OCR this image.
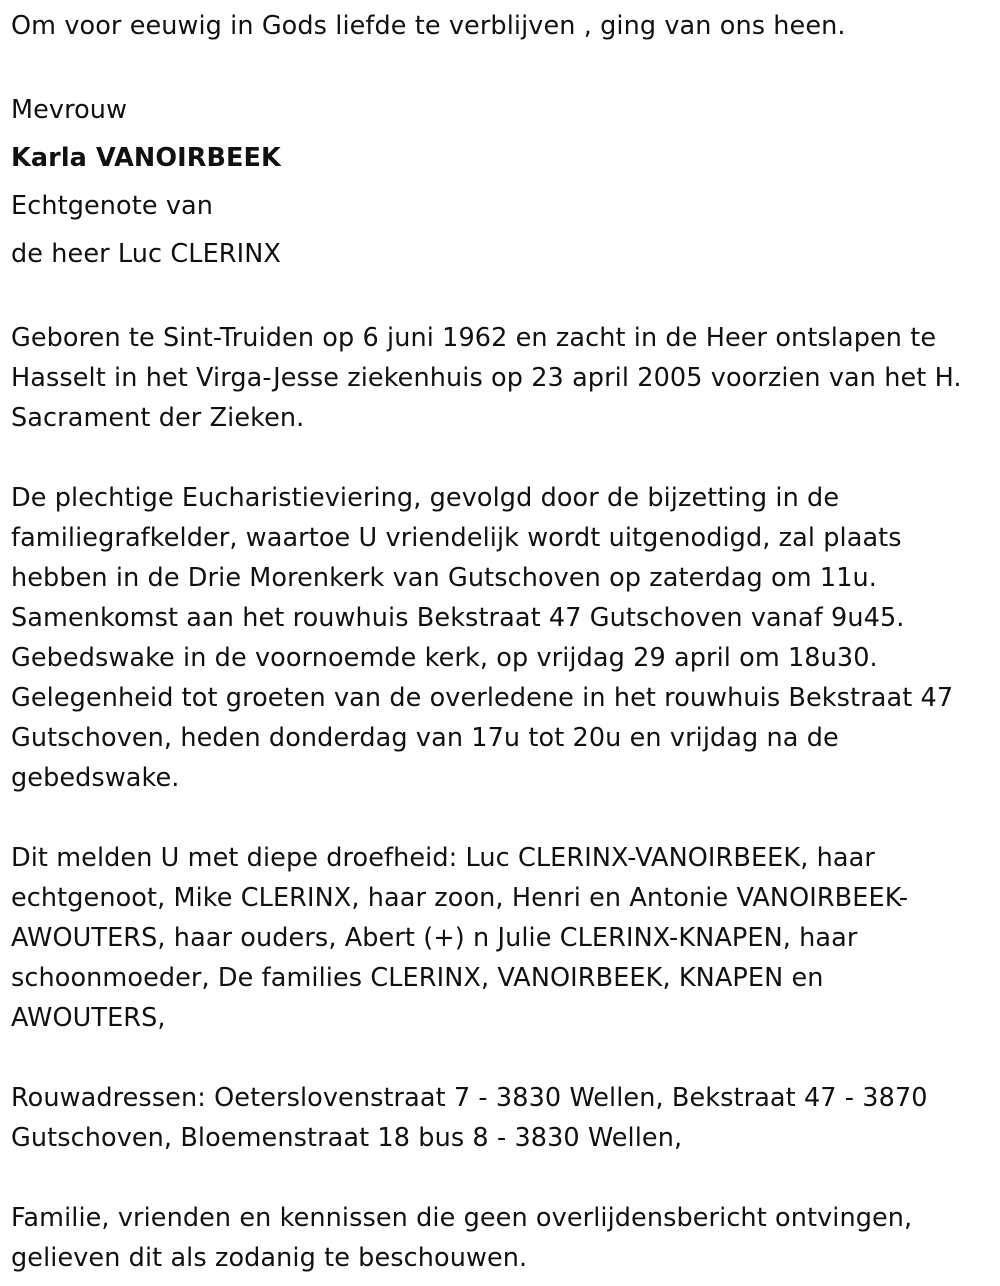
Om voor eeuwig in Gods liefde te verblijven , ging van ons heen.

Mevrouw

Karla VANOIRBEEK

Echtgenote van

de heer Luc CLERINX

Geboren te Sint-Truiden op 6 juni 1962 en zacht in de Heer ontslapen te

Hasselt in het Virga-Jesse ziekenhuis op 23 april 2005 voorzien van het H.

Sacrament der Zieken.

De plechtige Eucharistieviering, gevolgd door de bijzetting in de

familiegrafkelder, waartoe U vriendelijk wordt uitgenodigd, zal plaats

hebben in de Drie Morenkerk van Gutschoven op zaterdag om 11u.

Samenkomst aan het rouwhuis Bekstraat 47 Gutschoven vanaf 9u45.

Gebedswake in de voornoemde kerk, op vrijdag 29 april om 18u30.

Gelegenheid tot groeten van de overledene in het rouwhuis Bekstraat 47

Gutschoven, heden donderdag van 17u tot 20u en vrijdag na de

gebedswake.

Dit melden U met diepe droefheid: Luc CLERINX-VANOIRBEEK, haar

echtgenoot, Mike CLERINX, haar zoon, Henri en Antonie VANOIRBEEK-

AWOUTERS, haar ouders, Abert (+) n Julie CLERINX-KNAPEN, haar

schoonmoeder, De families CLERINX, VANOIRBEEK, KNAPEN en

AWOUTERS,

Rouwadressen: Oeterslovenstraat 7 - 3830 Wellen, Bekstraat 47 - 3870

Gutschoven, Bloemenstraat 18 bus 8 - 3830 Wellen,

Familie, vrienden en kennissen die geen overlijdensbericht ontvingen,

gelieven dit als zodanig te beschouwen.
